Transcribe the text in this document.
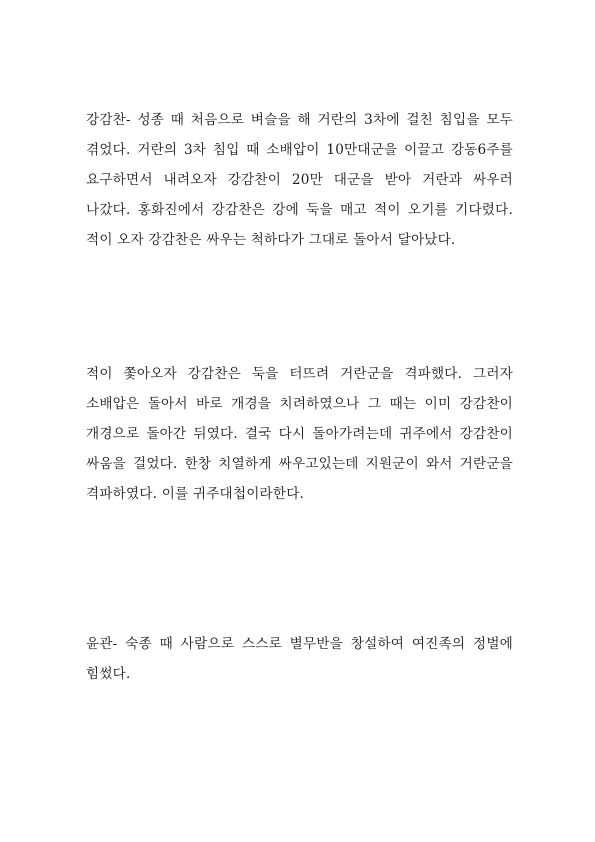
강감찬- 성종 때 처음으로 벼슬을 해 거란의 3차에 걸친 침입을 모두 겪었다. 거란의 3차 침입 때 소배압이 10만대군을 이끌고 강동6주를 요구하면서 내려오자 강감찬이 20만 대군을 받아 거란과 싸우러 나갔다. 홍화진에서 강감찬은 강에 둑을 매고 적이 오기를 기다렸다. 적이 오자 강감찬은 싸우는 척하다가 그대로 돌아서 달아났다.

적이 쫓아오자 강감찬은 둑을 터뜨려 거란군을 격파했다. 그러자 소배압은 돌아서 바로 개경을 치려하였으나 그 때는 이미 강감찬이 개경으로 돌아간 뒤였다. 결국 다시 돌아가려는데 귀주에서 강감찬이 싸움을 걸었다. 한창 치열하게 싸우고있는데 지원군이 와서 거란군을 격파하였다. 이를 귀주대첩이라한다.

윤관- 숙종 때 사람으로 스스로 별무반을 창설하여 여진족의 정벌에 힘썼다.
